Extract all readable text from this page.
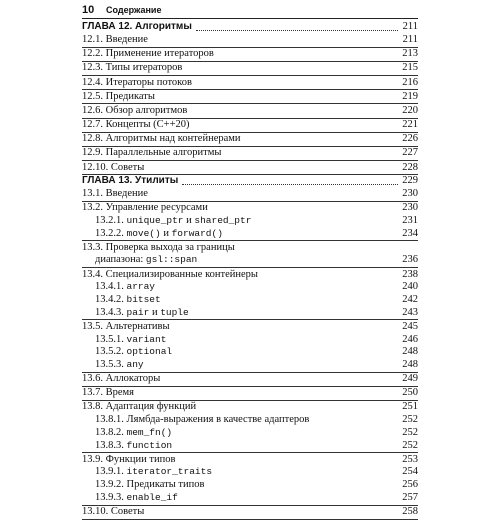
10 Содержание
ГЛАВА 12. Алгоритмы	211
12.1. Введение	211
12.2. Применение итераторов	213
12.3. Типы итераторов	215
12.4. Итераторы потоков	216
12.5. Предикаты	219
12.6. Обзор алгоритмов	220
12.7. Концепты (С++20)	221
12.8. Алгоритмы над контейнерами	226
12.9. Параллельные алгоритмы	227
12.10. Советы	228
ГЛАВА 13. Утилиты	229
13.1. Введение	230
13.2. Управление ресурсами	230
13.2.1. unique_ptr и shared_ptr	231
13.2.2. move() и forward()	234
13.3. Проверка выхода за границы
диапазона: gsl::span	236
13.4. Специализированные контейнеры	238
13.4.1. array	240
13.4.2. bitset	242
13.4.3. pair и tuple	243
13.5. Альтернативы	245
13.5.1. variant	246
13.5.2. optional	248
13.5.3. any	248
13.6. Аллокаторы	249
13.7. Время	250
13.8. Адаптация функций	251
13.8.1. Лямбда-выражения в качестве адаптеров	252
13.8.2. mem_fn()	252
13.8.3. function	252
13.9. Функции типов	253
13.9.1. iterator_traits	254
13.9.2. Предикаты типов	256
13.9.3. enable_if	257
13.10. Советы	258
